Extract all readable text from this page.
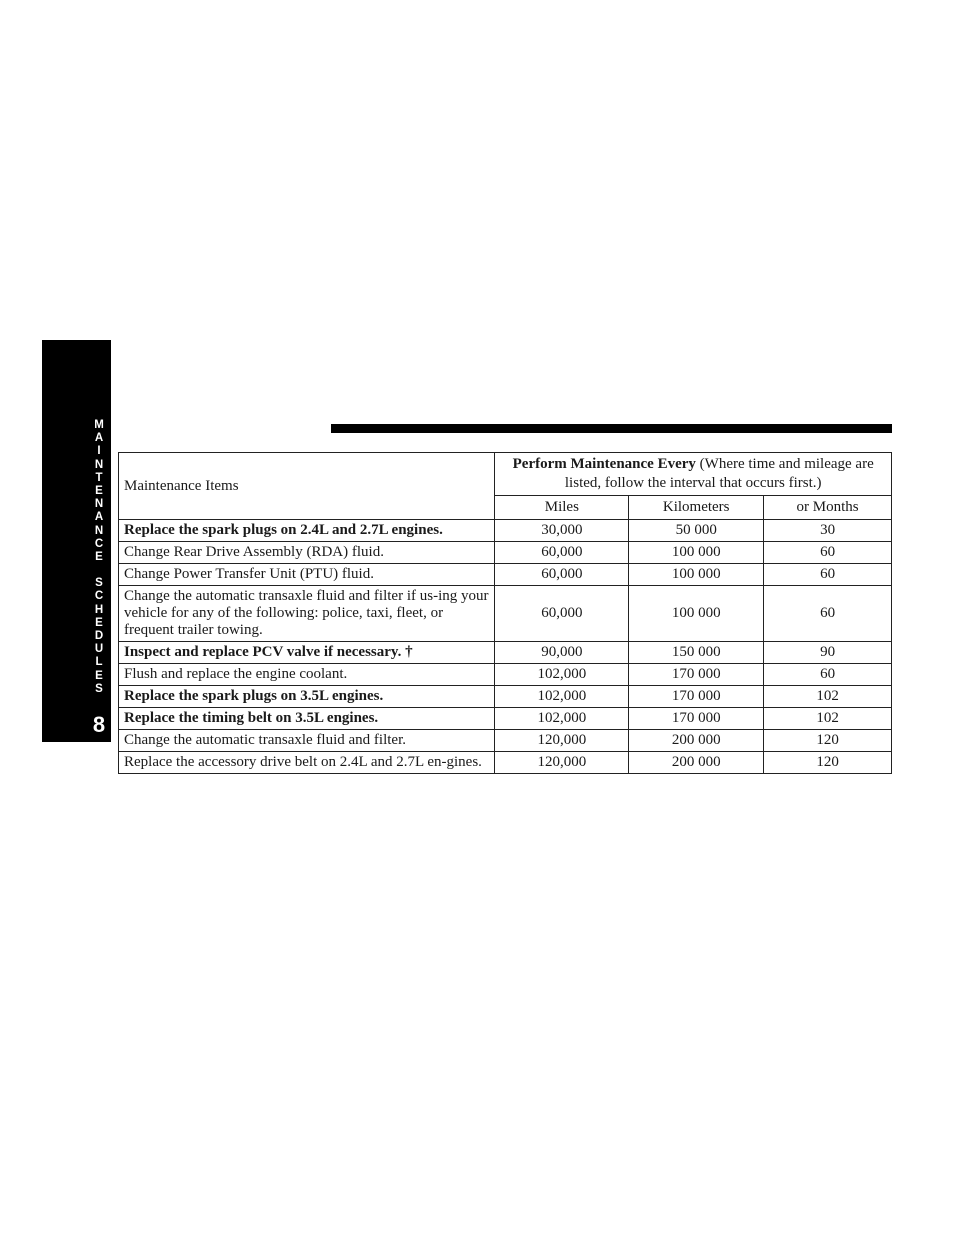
M
A
I
N
T
E
N
A
N
C
E
S
C
H
E
D
U
L
E
S
8
Maintenance Items	Perform Maintenance Every (Where time and mileage are listed, follow the interval that occurs first.)		
	Miles	Kilometers	or Months
Replace the spark plugs on 2.4L and 2.7L engines.	30,000	50 000	30
Change Rear Drive Assembly (RDA) fluid.	60,000	100 000	60
Change Power Transfer Unit (PTU) fluid.	60,000	100 000	60
Change the automatic transaxle fluid and filter if us-ing your vehicle for any of the following: police, taxi, fleet, or frequent trailer towing.	60,000	100 000	60
Inspect and replace PCV valve if necessary. †	90,000	150 000	90
Flush and replace the engine coolant.	102,000	170 000	60
Replace the spark plugs on 3.5L engines.	102,000	170 000	102
Replace the timing belt on 3.5L engines.	102,000	170 000	102
Change the automatic transaxle fluid and filter.	120,000	200 000	120
Replace the accessory drive belt on 2.4L and 2.7L en-gines.	120,000	200 000	120
